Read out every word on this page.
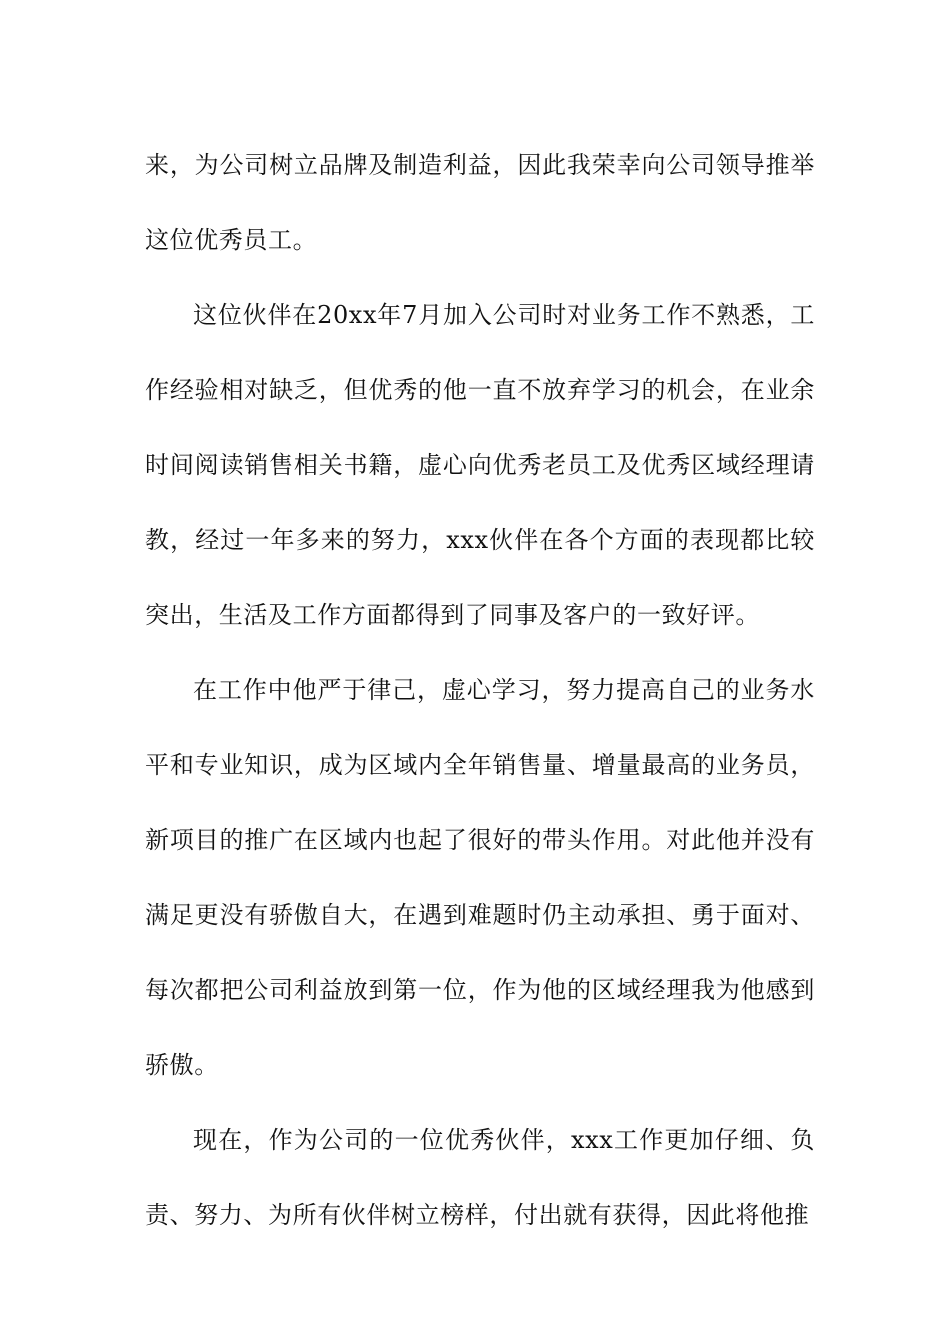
来，为公司树立品牌及制造利益，因此我荣幸向公司领导推举这位优秀员工。

这位伙伴在20xx年7月加入公司时对业务工作不熟悉，工作经验相对缺乏，但优秀的他一直不放弃学习的机会，在业余时间阅读销售相关书籍，虚心向优秀老员工及优秀区域经理请教，经过一年多来的努力，xxx伙伴在各个方面的表现都比较突出，生活及工作方面都得到了同事及客户的一致好评。

在工作中他严于律己，虚心学习，努力提高自己的业务水平和专业知识，成为区域内全年销售量、增量最高的业务员，新项目的推广在区域内也起了很好的带头作用。对此他并没有满足更没有骄傲自大，在遇到难题时仍主动承担、勇于面对、每次都把公司利益放到第一位，作为他的区域经理我为他感到骄傲。

现在，作为公司的一位优秀伙伴，xxx工作更加仔细、负责、努力、为所有伙伴树立榜样，付出就有获得，因此将他推
